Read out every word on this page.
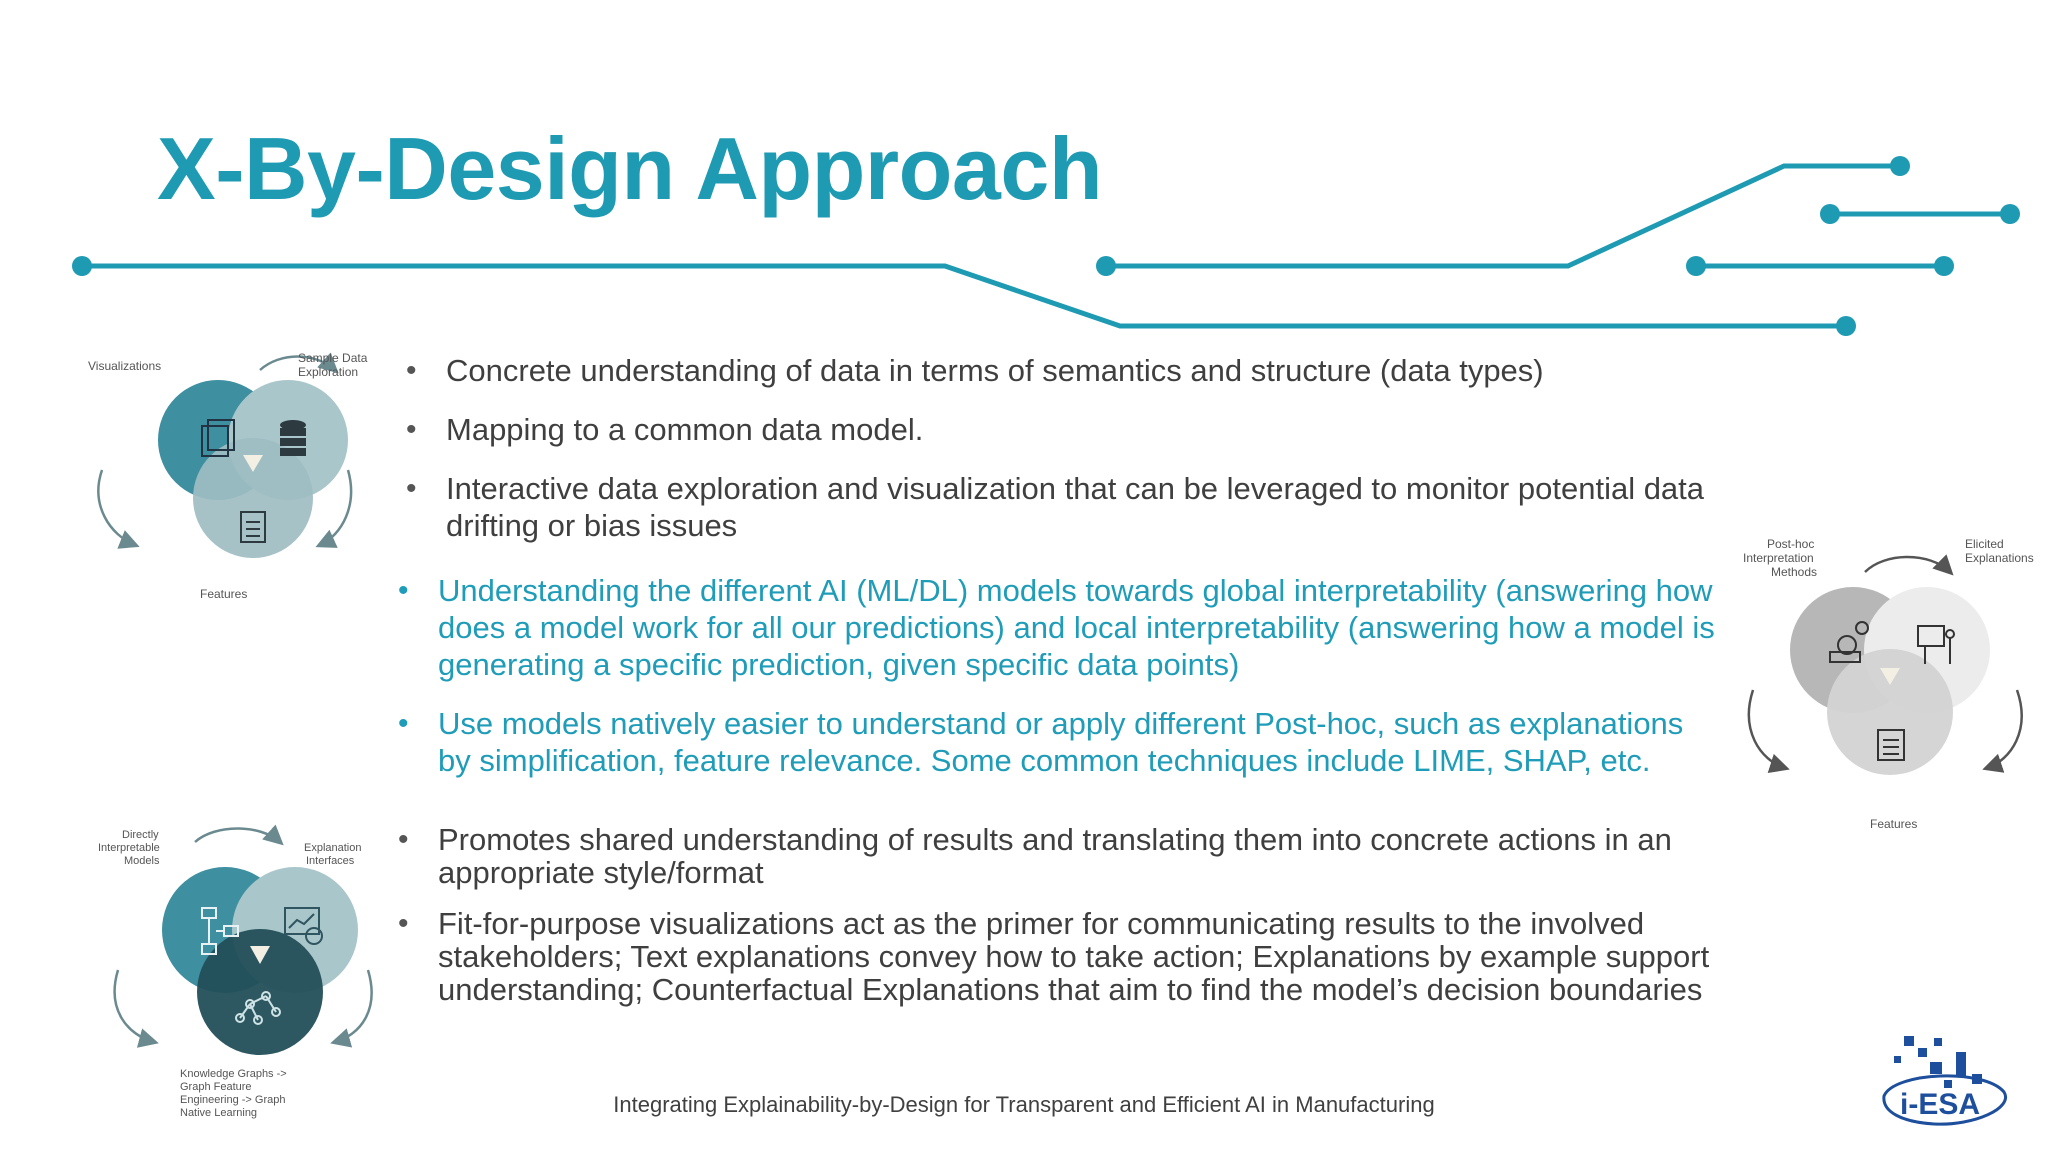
X-By-Design Approach
• Concrete understanding of data in terms of semantics and structure (data types)
• Mapping to a common data model.
• Interactive data exploration and visualization that can be leveraged to monitor potential data drifting or bias issues
• Understanding the different AI (ML/DL) models towards global interpretability (answering how does a model work for all our predictions) and local interpretability (answering how a model is generating a specific prediction, given specific data points)
• Use models natively easier to understand or apply different Post-hoc, such as explanations by simplification, feature relevance. Some common techniques include LIME, SHAP, etc.
• Promotes shared understanding of results and translating them into concrete actions in an appropriate style/format
• Fit-for-purpose visualizations act as the primer for communicating results to the involved stakeholders; Text explanations convey how to take action; Explanations by example support understanding; Counterfactual Explanations that aim to find the model’s decision boundaries
Visualizations
Sample Data
Exploration
Features
Post-hoc
Interpretation
Methods
Elicited
Explanations
Features
Directly
Interpretable
Models
Explanation
Interfaces
Knowledge Graphs ->
Graph Feature
Engineering -> Graph
Native Learning	Integrating Explainability-by-Design for Transparent and Efficient AI in Manufacturing	i-ESA
